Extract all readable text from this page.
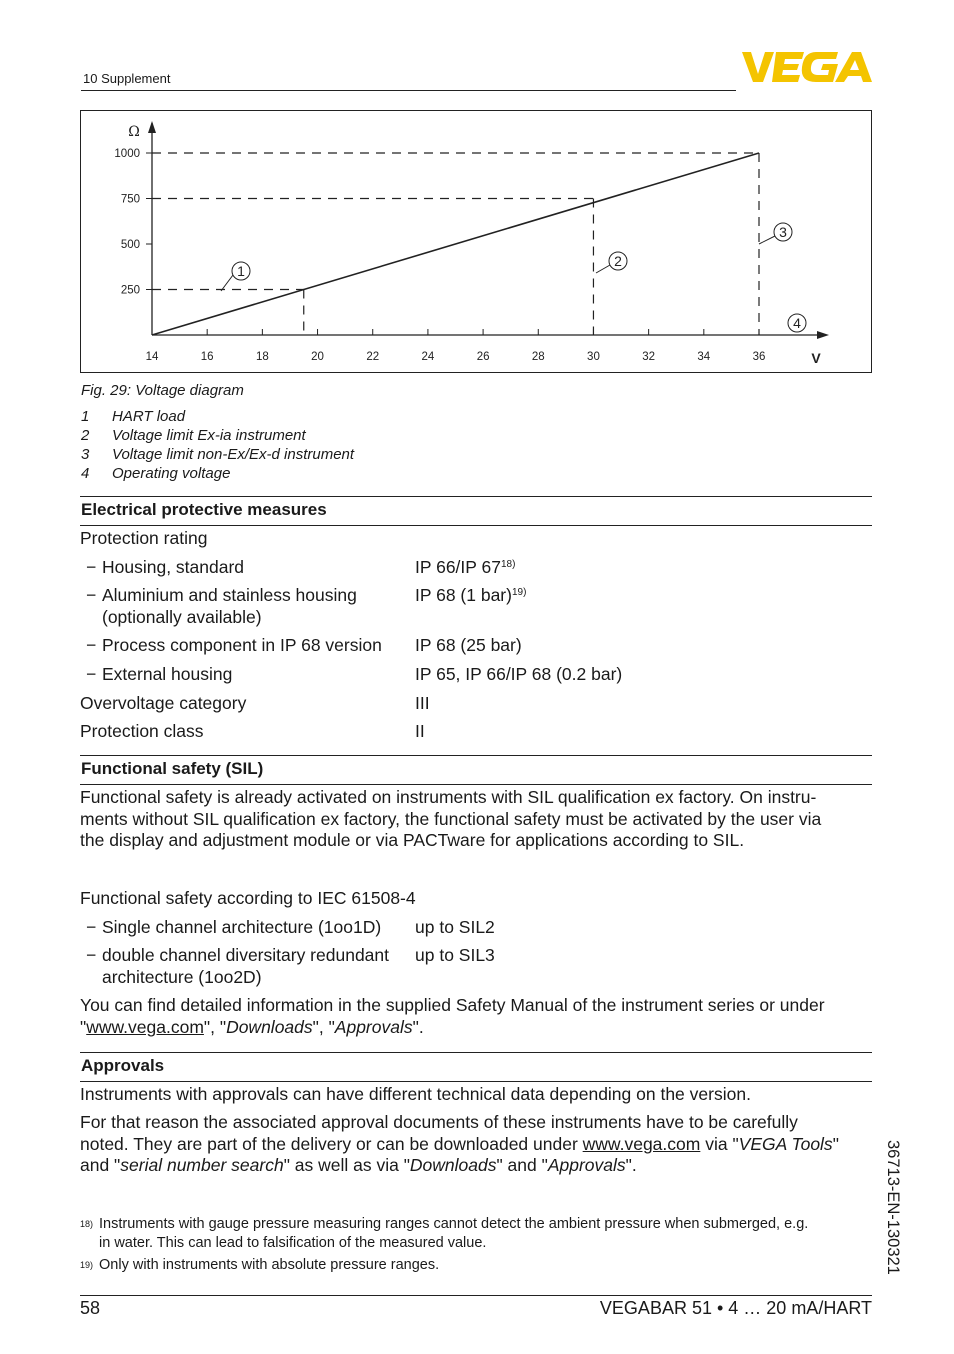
10 Supplement
Ω
V
14	16	18	20	22	24	26	28	30	32	34	36
250
500
750
1000
1
2
3
4
Fig. 29: Voltage diagram
1	HART load
2	Voltage limit Ex-ia instrument
3	Voltage limit non-Ex/Ex-d instrument
4	Operating voltage
Electrical protective measures
Protection rating
− Housing, standard	IP 66/IP $67^{18)}$
− Aluminium and stainless housing
(optionally available)
IP 68 (1 bar)$^{19)}$
− Process component in IP 68 version IP 68 (25 bar)
− External housing	IP 65, IP 66/IP 68 (0.2 bar)
Overvoltage category	III
Protection class	II
Functional safety (SIL)
Functional safety is already activated on instruments with SIL qualification ex factory. On instru-
ments without SIL qualification ex factory, the functional safety must be activated by the user via
the display and adjustment module or via PACTware for applications according to SIL.
Functional safety according to IEC 61508-4
− Single channel architecture (1oo1D) up to SIL2
− double channel diversitary redundant
architecture (1oo2D)
up to SIL3
You can find detailed information in the supplied Safety Manual of the instrument series or under
"www.vega.com", "Downloads", "Approvals".
Approvals
Instruments with approvals can have different technical data depending on the version.
For that reason the associated approval documents of these instruments have to be carefully
noted. They are part of the delivery or can be downloaded under www.vega.com via "VEGA Tools"
and "serial number search" as well as via "Downloads" and "Approvals".
18) Instruments with gauge pressure measuring ranges cannot detect the ambient pressure when submerged, e.g.
in water. This can lead to falsification of the measured value.
19) Only with instruments with absolute pressure ranges.	36713-EN-130321
58	VEGABAR 51 • 4 … 20 mA/HART
